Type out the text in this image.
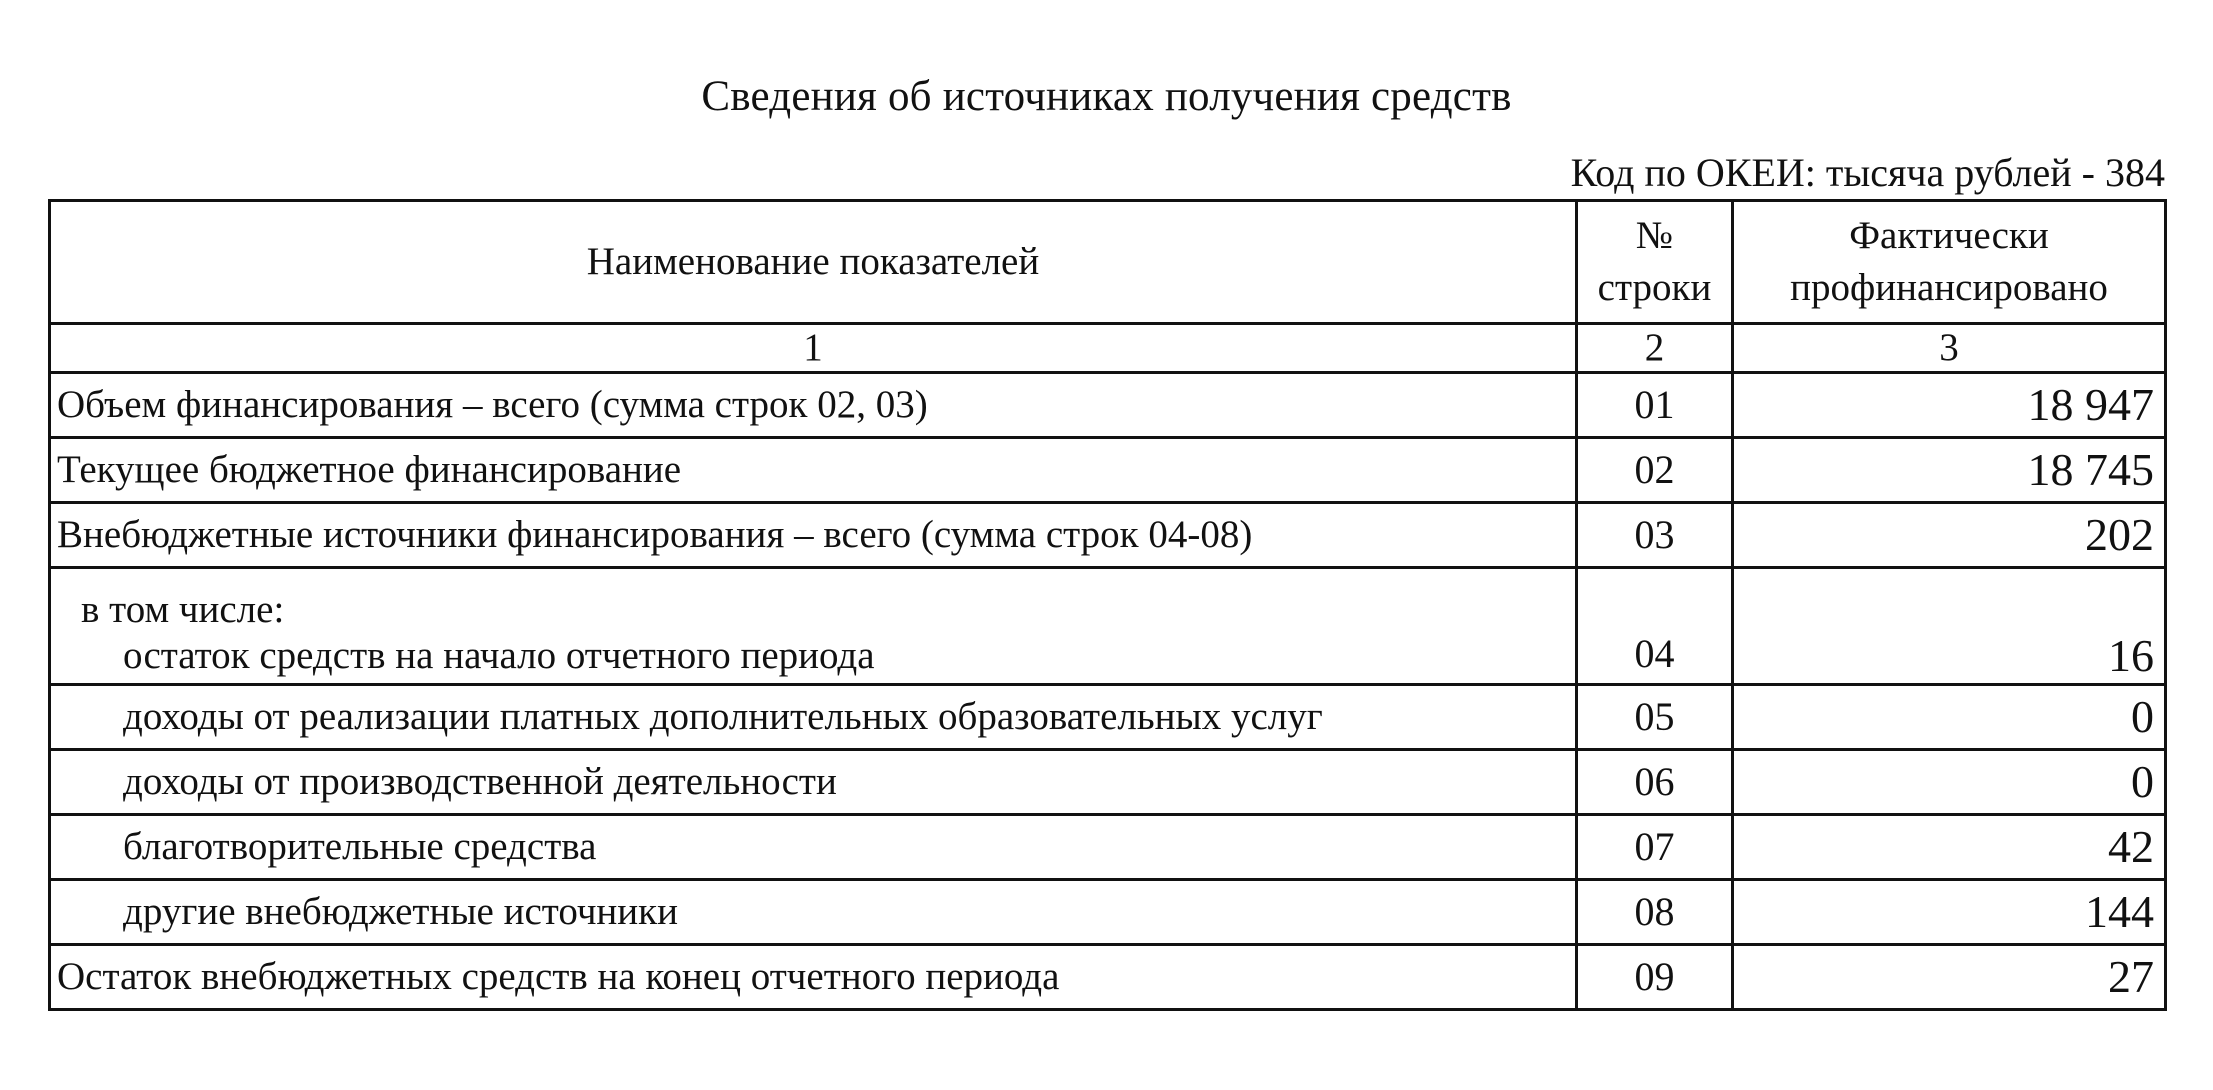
Сведения об источниках получения средств
Код по ОКЕИ: тысяча рублей - 384
Наименование показателей	№ строки	Фактически профинансировано
1	2	3
Объем финансирования – всего (сумма строк 02, 03)	01	18 947
Текущее бюджетное финансирование	02	18 745
Внебюджетные источники финансирования – всего (сумма строк 04-08)	03	202

в том числе:
остаток средств на начало отчетного периода	04	16
доходы от реализации платных дополнительных образовательных услуг	05	0
доходы от производственной деятельности	06	0
благотворительные средства	07	42
другие внебюджетные источники	08	144
Остаток внебюджетных средств на конец отчетного периода	09	27
